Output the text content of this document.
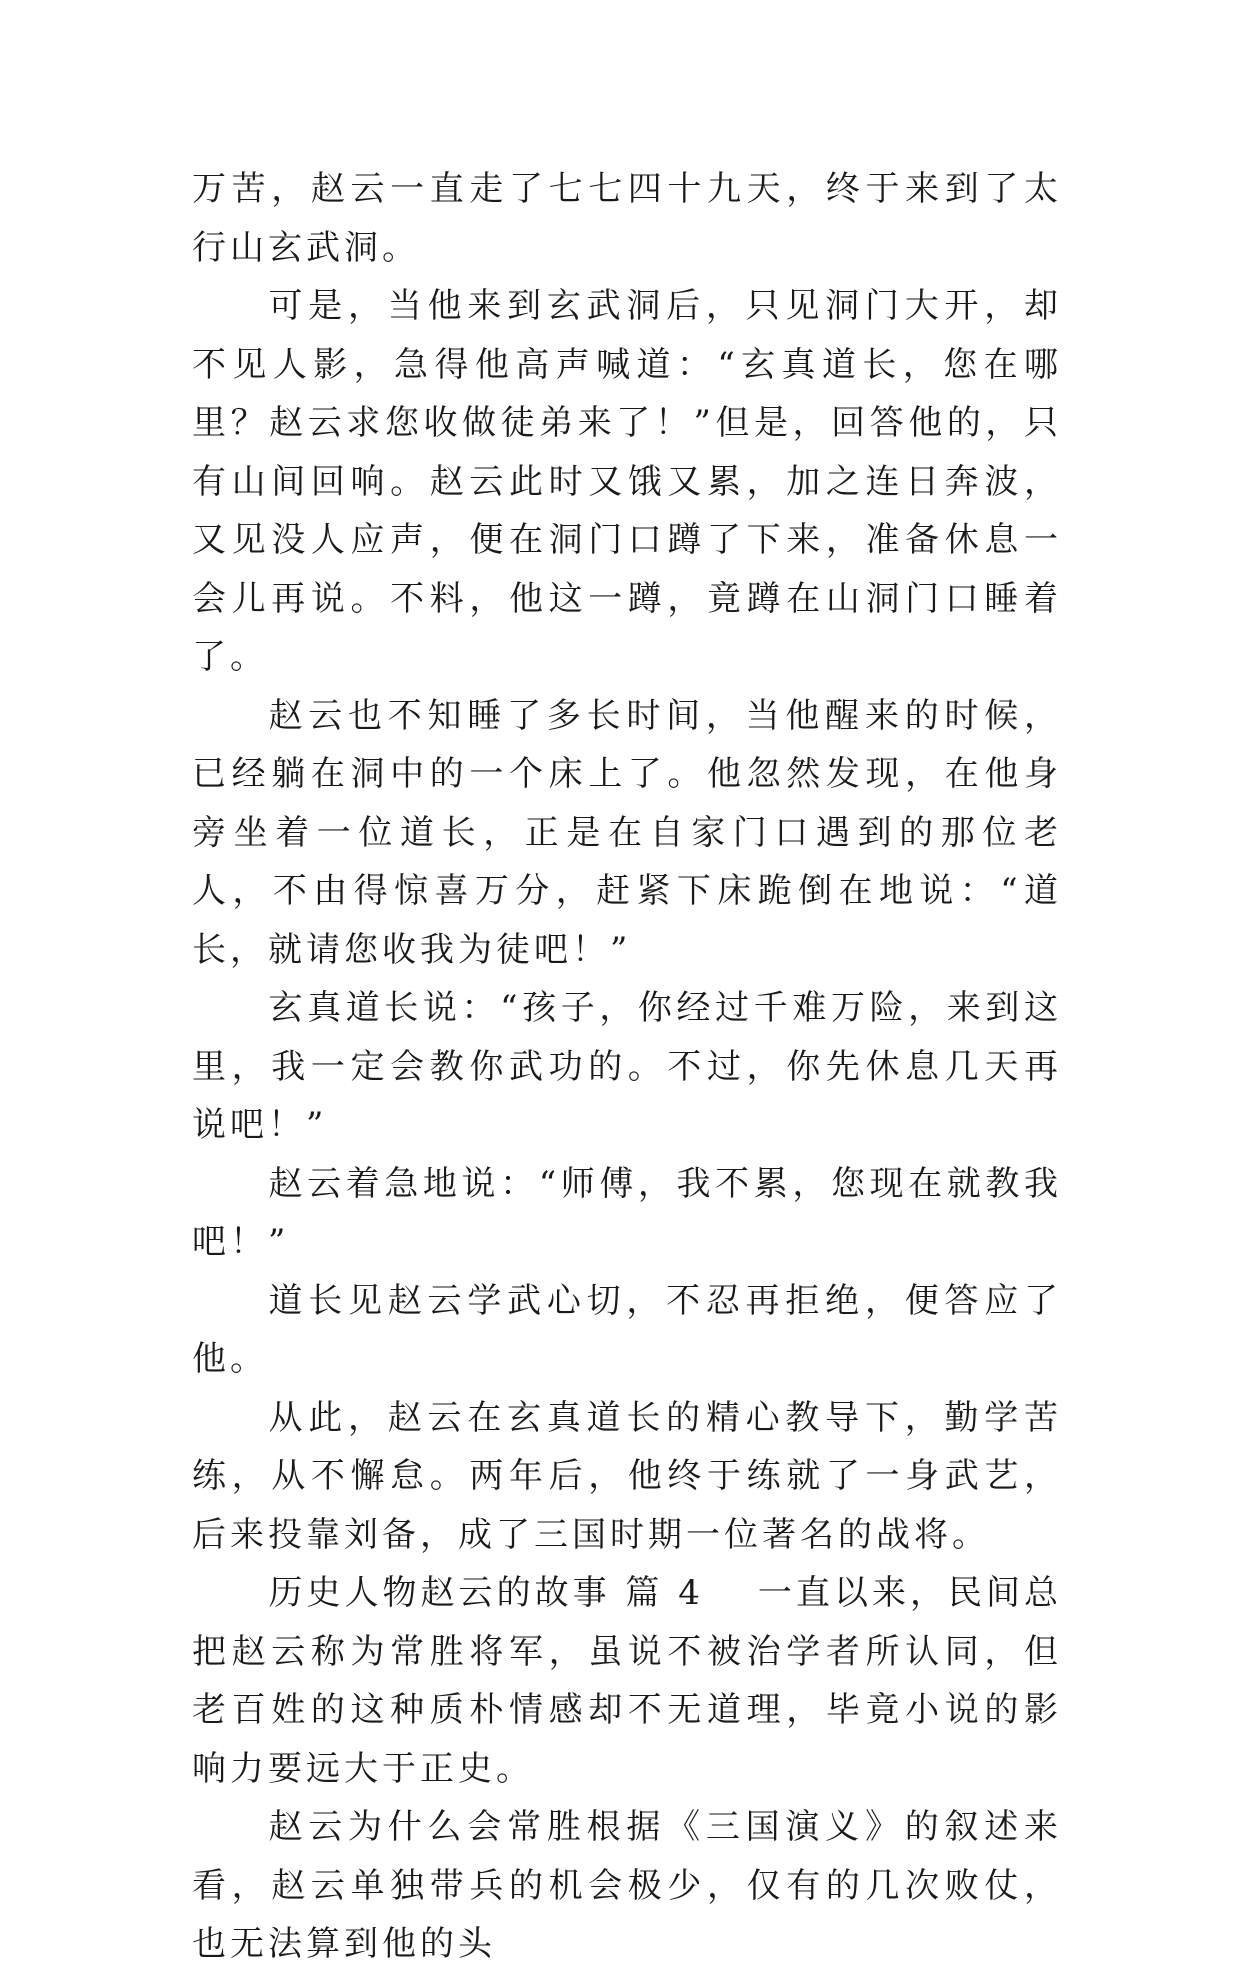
万苦，赵云一直走了七七四十九天，终于来到了太行山玄武洞。

可是，当他来到玄武洞后，只见洞门大开，却不见人影，急得他高声喊道：“玄真道长，您在哪里？赵云求您收做徒弟来了！”但是，回答他的，只有山间回响。赵云此时又饿又累，加之连日奔波，又见没人应声，便在洞门口蹲了下来，准备休息一会儿再说。不料，他这一蹲，竟蹲在山洞门口睡着了。

赵云也不知睡了多长时间，当他醒来的时候，已经躺在洞中的一个床上了。他忽然发现，在他身旁坐着一位道长，正是在自家门口遇到的那位老人，不由得惊喜万分，赶紧下床跪倒在地说：“道长，就请您收我为徒吧！”

玄真道长说：“孩子，你经过千难万险，来到这里，我一定会教你武功的。不过，你先休息几天再说吧！”

赵云着急地说：“师傅，我不累，您现在就教我吧！”

道长见赵云学武心切，不忍再拒绝，便答应了他。

从此，赵云在玄真道长的精心教导下，勤学苦练，从不懈怠。两年后，他终于练就了一身武艺，后来投靠刘备，成了三国时期一位著名的战将。

历史人物赵云的故事 篇 4 一直以来，民间总把赵云称为常胜将军，虽说不被治学者所认同，但老百姓的这种质朴情感却不无道理，毕竟小说的影响力要远大于正史。

赵云为什么会常胜根据《三国演义》的叙述来看，赵云单独带兵的机会极少，仅有的几次败仗，也无法算到他的头
